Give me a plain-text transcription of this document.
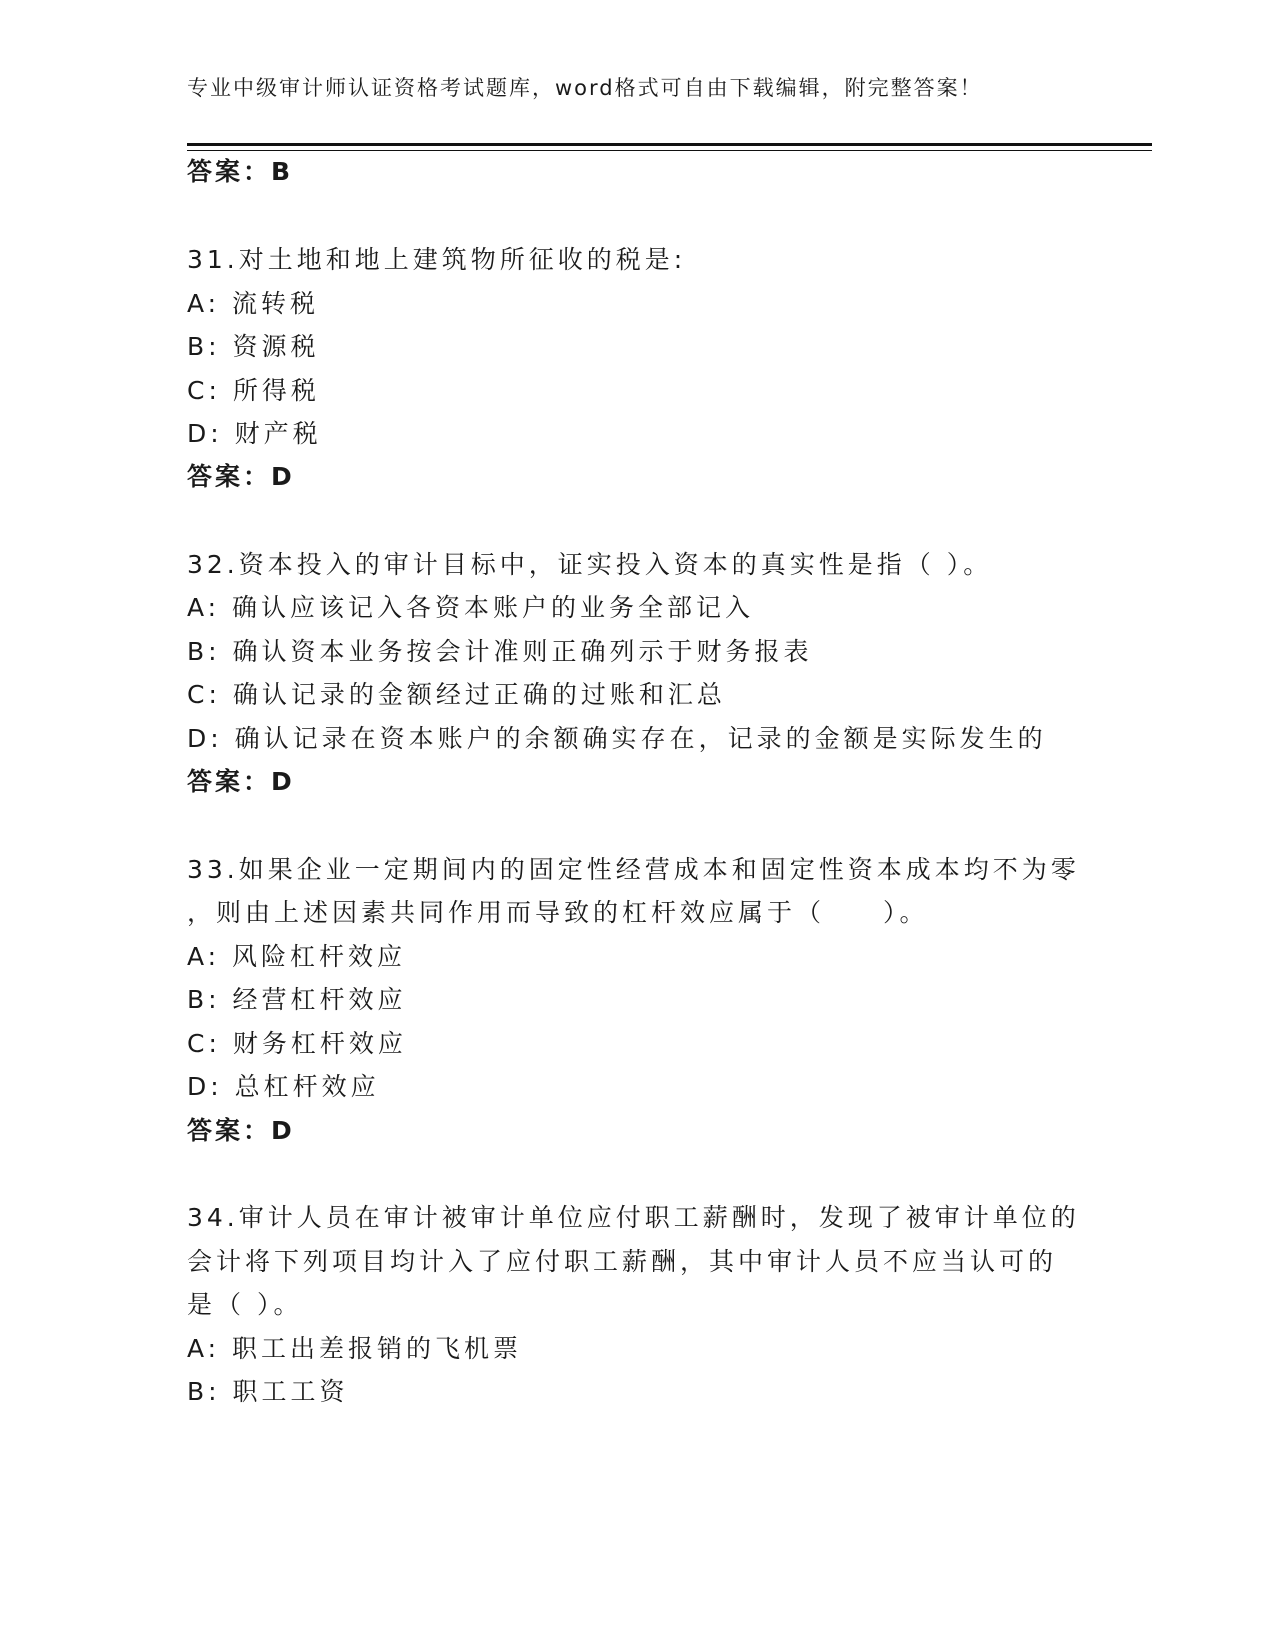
专业中级审计师认证资格考试题库，word格式可自由下载编辑，附完整答案！
答案：B
31.对土地和地上建筑物所征收的税是:
A: 流转税
B: 资源税
C: 所得税
D: 财产税
答案：D
32.资本投入的审计目标中，证实投入资本的真实性是指（ ）。
A: 确认应该记入各资本账户的业务全部记入
B: 确认资本业务按会计准则正确列示于财务报表
C: 确认记录的金额经过正确的过账和汇总
D: 确认记录在资本账户的余额确实存在，记录的金额是实际发生的
答案：D
33.如果企业一定期间内的固定性经营成本和固定性资本成本均不为零
，则由上述因素共同作用而导致的杠杆效应属于（　　）。
A: 风险杠杆效应
B: 经营杠杆效应
C: 财务杠杆效应
D: 总杠杆效应
答案：D
34.审计人员在审计被审计单位应付职工薪酬时，发现了被审计单位的
会计将下列项目均计入了应付职工薪酬，其中审计人员不应当认可的
是（ ）。
A: 职工出差报销的飞机票
B: 职工工资
